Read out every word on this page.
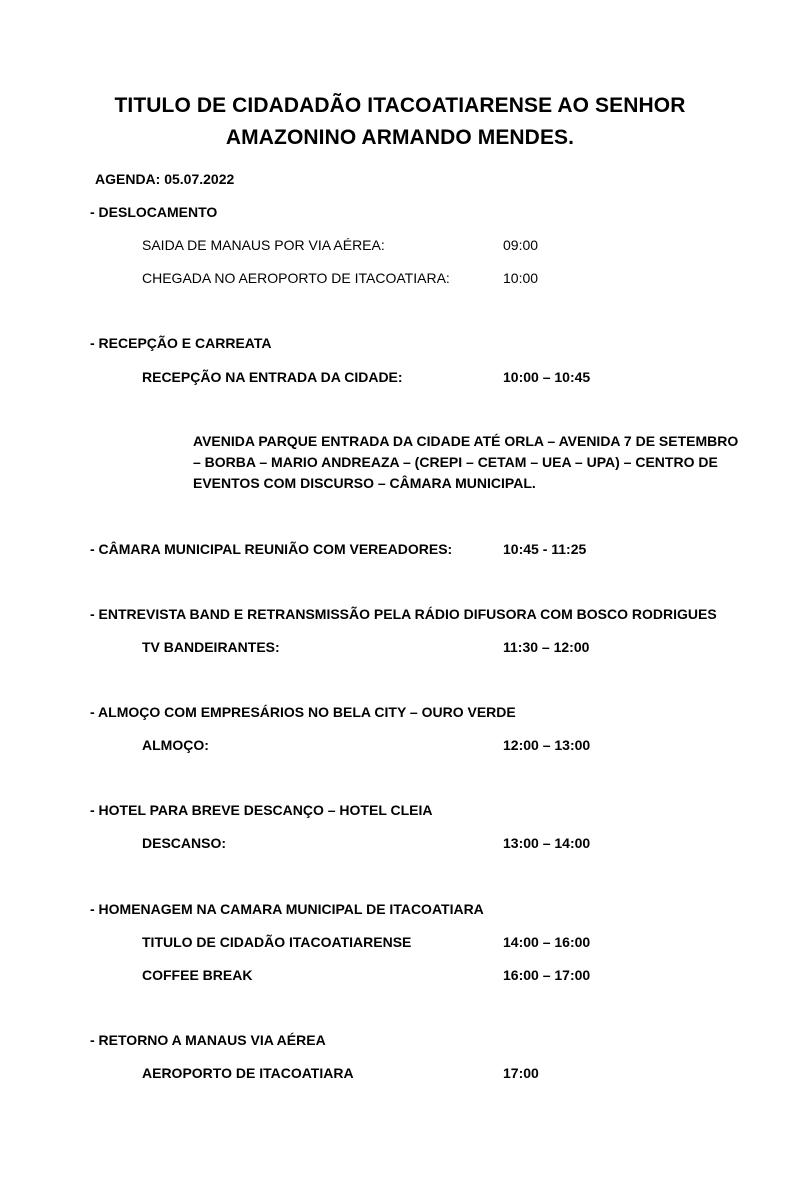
TITULO DE CIDADADÃO ITACOATIARENSE AO SENHOR
AMAZONINO ARMANDO MENDES.
AGENDA: 05.07.2022
- DESLOCAMENTO
SAIDA DE MANAUS POR VIA AÉREA:	09:00
CHEGADA NO AEROPORTO DE ITACOATIARA:	10:00
- RECEPÇÃO E CARREATA
RECEPÇÃO NA ENTRADA DA CIDADE:	10:00 – 10:45
AVENIDA PARQUE ENTRADA DA CIDADE ATÉ ORLA – AVENIDA 7 DE SETEMBRO
– BORBA – MARIO ANDREAZA – (CREPI – CETAM – UEA – UPA) – CENTRO DE
EVENTOS COM DISCURSO – CÂMARA MUNICIPAL.
- CÂMARA MUNICIPAL REUNIÃO COM VEREADORES:	10:45 - 11:25
- ENTREVISTA BAND E RETRANSMISSÃO PELA RÁDIO DIFUSORA COM BOSCO RODRIGUES
TV BANDEIRANTES:	11:30 – 12:00
- ALMOÇO COM EMPRESÁRIOS NO BELA CITY – OURO VERDE
ALMOÇO:	12:00 – 13:00
- HOTEL PARA BREVE DESCANÇO – HOTEL CLEIA
DESCANSO:	13:00 – 14:00
- HOMENAGEM NA CAMARA MUNICIPAL DE ITACOATIARA
TITULO DE CIDADÃO ITACOATIARENSE	14:00 – 16:00
COFFEE BREAK	16:00 – 17:00
- RETORNO A MANAUS VIA AÉREA
AEROPORTO DE ITACOATIARA	17:00
